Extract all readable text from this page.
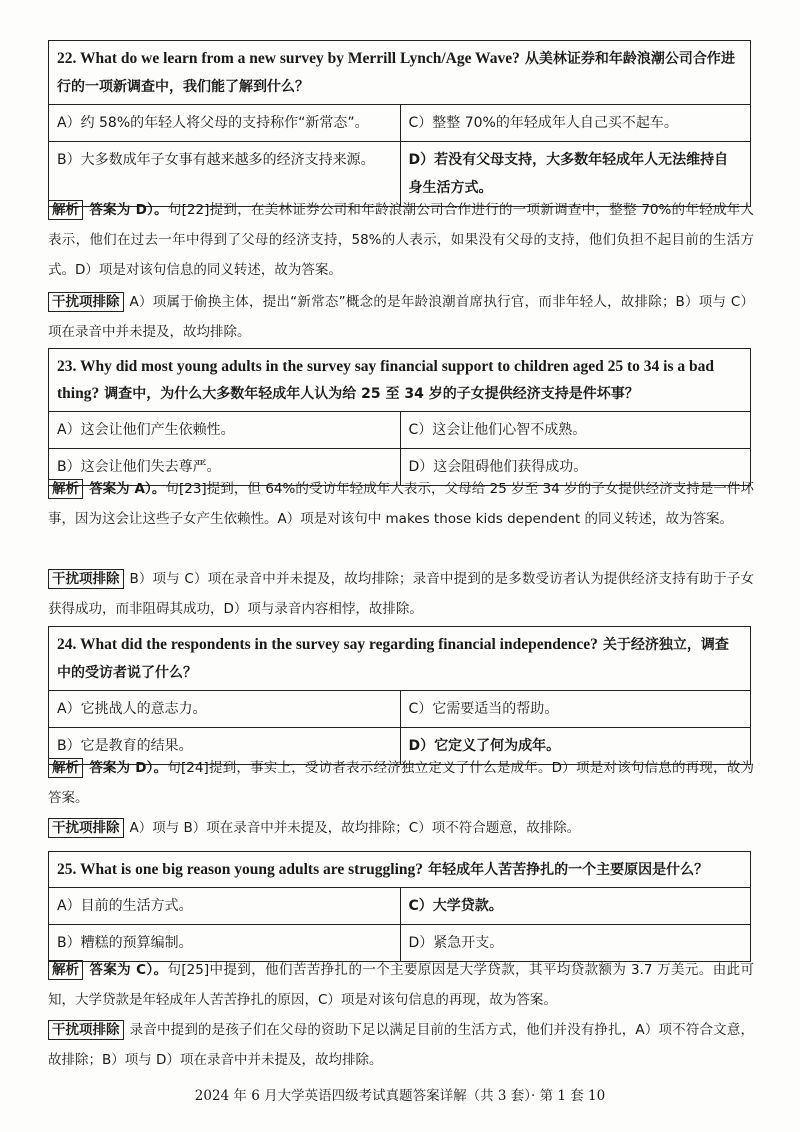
22. What do we learn from a new survey by Merrill Lynch/Age Wave? 从美林证券和年龄浪潮公司合作进行的一项新调查中，我们能了解到什么？
A）约 58%的年轻人将父母的支持称作“新常态”。	C）整整 70%的年轻成年人自己买不起车。
B）大多数成年子女事有越来越多的经济支持来源。	D）若没有父母支持，大多数年轻成年人无法维持自身生活方式。
解析 答案为 D）。句[22]提到，在美林证券公司和年龄浪潮公司合作进行的一项新调查中，整整 70%的年轻成年人表示，他们在过去一年中得到了父母的经济支持，58%的人表示，如果没有父母的支持，他们负担不起目前的生活方式。D）项是对该句信息的同义转述，故为答案。
干扰项排除 A）项属于偷换主体，提出“新常态”概念的是年龄浪潮首席执行官，而非年轻人，故排除；B）项与 C）项在录音中并未提及，故均排除。
23. Why did most young adults in the survey say financial support to children aged 25 to 34 is a bad thing? 调查中，为什么大多数年轻成年人认为给 25 至 34 岁的子女提供经济支持是件坏事？
A）这会让他们产生依赖性。	C）这会让他们心智不成熟。
B）这会让他们失去尊严。	D）这会阻碍他们获得成功。
解析 答案为 A）。句[23]提到，但 64%的受访年轻成年人表示，父母给 25 岁至 34 岁的子女提供经济支持是一件坏事，因为这会让这些子女产生依赖性。A）项是对该句中 makes those kids dependent 的同义转述，故为答案。
干扰项排除 B）项与 C）项在录音中并未提及，故均排除；录音中提到的是多数受访者认为提供经济支持有助于子女获得成功，而非阻碍其成功，D）项与录音内容相悖，故排除。
24. What did the respondents in the survey say regarding financial independence? 关于经济独立，调查中的受访者说了什么？
A）它挑战人的意志力。	C）它需要适当的帮助。
B）它是教育的结果。	D）它定义了何为成年。
解析 答案为 D）。句[24]提到，事实上，受访者表示经济独立定义了什么是成年。D）项是对该句信息的再现，故为答案。
干扰项排除 A）项与 B）项在录音中并未提及，故均排除；C）项不符合题意，故排除。
25. What is one big reason young adults are struggling? 年轻成年人苦苦挣扎的一个主要原因是什么？
A）目前的生活方式。	C）大学贷款。
B）糟糕的预算编制。	D）紧急开支。
解析 答案为 C）。句[25]中提到，他们苦苦挣扎的一个主要原因是大学贷款，其平均贷款额为 3.7 万美元。由此可知，大学贷款是年轻成年人苦苦挣扎的原因，C）项是对该句信息的再现，故为答案。
干扰项排除 录音中提到的是孩子们在父母的资助下足以满足目前的生活方式，他们并没有挣扎，A）项不符合文意，故排除；B）项与 D）项在录音中并未提及，故均排除。
2024 年 6 月大学英语四级考试真题答案详解（共 3 套）· 第 1 套 10
